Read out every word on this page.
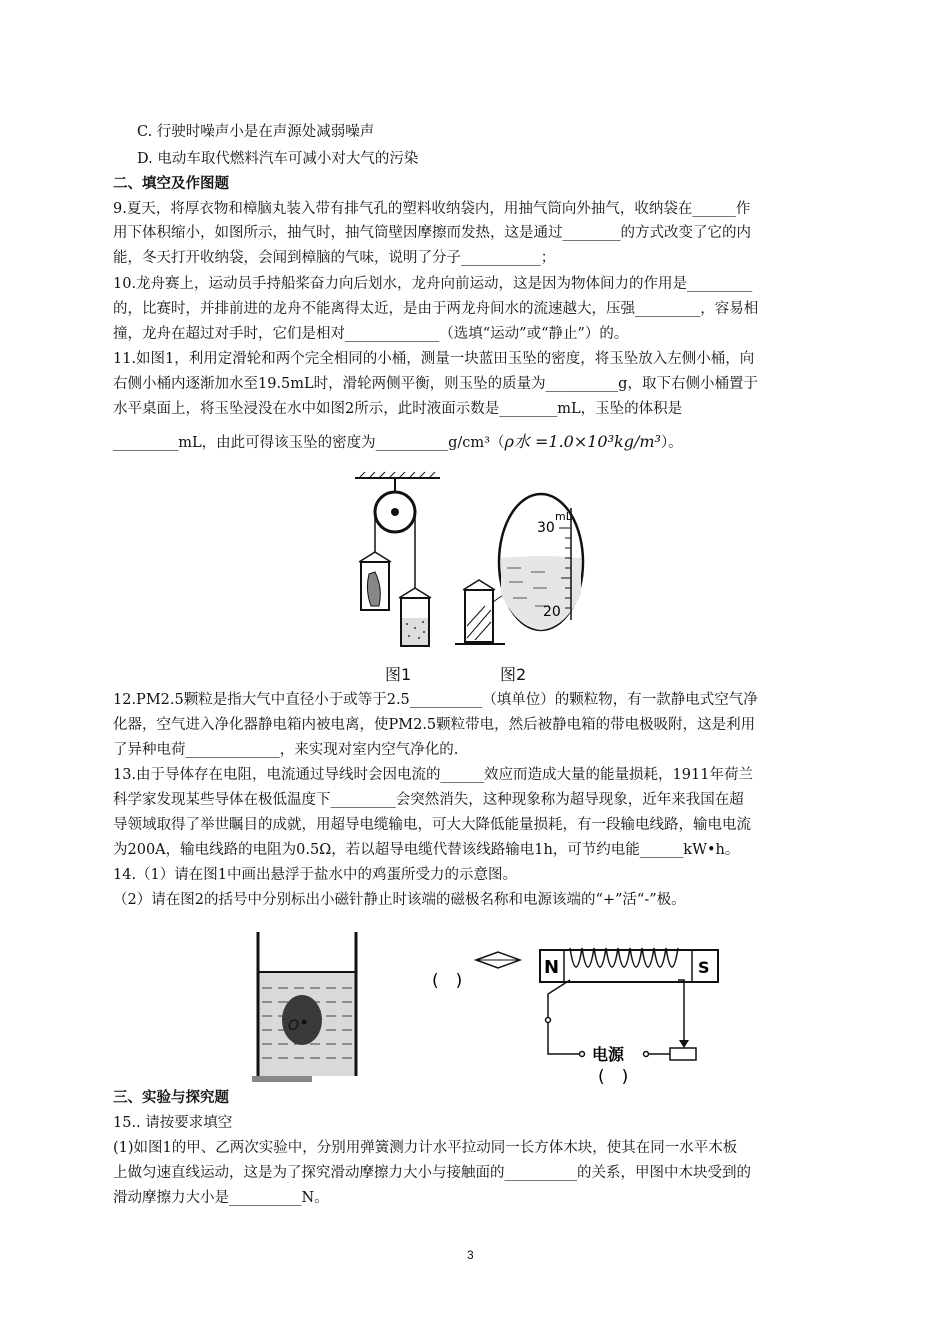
C. 行驶时噪声小是在声源处减弱噪声
D. 电动车取代燃料汽车可减小对大气的污染
二、填空及作图题
9.夏天，将厚衣物和樟脑丸装入带有排气孔的塑料收纳袋内，用抽气筒向外抽气，收纳袋在______作
用下体积缩小，如图所示，抽气时，抽气筒壁因摩擦而发热，这是通过________的方式改变了它的内
能，冬天打开收纳袋，会闻到樟脑的气味，说明了分子___________；
10.龙舟赛上，运动员手持船桨奋力向后划水，龙舟向前运动，这是因为物体间力的作用是_________
的，比赛时，并排前进的龙舟不能离得太近，是由于两龙舟间水的流速越大，压强_________，容易相
撞，龙舟在超过对手时，它们是相对_____________（选填“运动”或“静止”）的。
11.如图1，利用定滑轮和两个完全相同的小桶，测量一块蓝田玉坠的密度，将玉坠放入左侧小桶，向
右侧小桶内逐渐加水至19.5mL时，滑轮两侧平衡，则玉坠的质量为__________g，取下右侧小桶置于
水平桌面上，将玉坠浸没在水中如图2所示，此时液面示数是________mL，玉坠的体积是
_________mL，由此可得该玉坠的密度为__________g/cm³（ρ水 =1.0×10³kg/m³）。
mL
30
20
图1	图2
12.PM2.5颗粒是指大气中直径小于或等于2.5__________（填单位）的颗粒物，有一款静电式空气净
化器，空气进入净化器静电箱内被电离，使PM2.5颗粒带电，然后被静电箱的带电极吸附，这是利用
了异种电荷_____________，来实现对室内空气净化的.
13.由于导体存在电阻，电流通过导线时会因电流的______效应而造成大量的能量损耗，1911年荷兰
科学家发现某些导体在极低温度下_________会突然消失，这种现象称为超导现象，近年来我国在超
导领域取得了举世瞩目的成就，用超导电缆输电，可大大降低能量损耗，有一段输电线路，输电电流
为200A，输电线路的电阻为0.5Ω，若以超导电缆代替该线路输电1h，可节约电能______kW•h。
14.（1）请在图1中画出悬浮于盐水中的鸡蛋所受力的示意图。
（2）请在图2的括号中分别标出小磁针静止时该端的磁极名称和电源该端的“+”活“-”极。
O
(　)
N	S
电源
(　)
三、实验与探究题
15.. 请按要求填空
(1)如图1的甲、乙两次实验中，分别用弹簧测力计水平拉动同一长方体木块，使其在同一水平木板
上做匀速直线运动，这是为了探究滑动摩擦力大小与接触面的__________的关系，甲图中木块受到的
滑动摩擦力大小是__________N。
3
